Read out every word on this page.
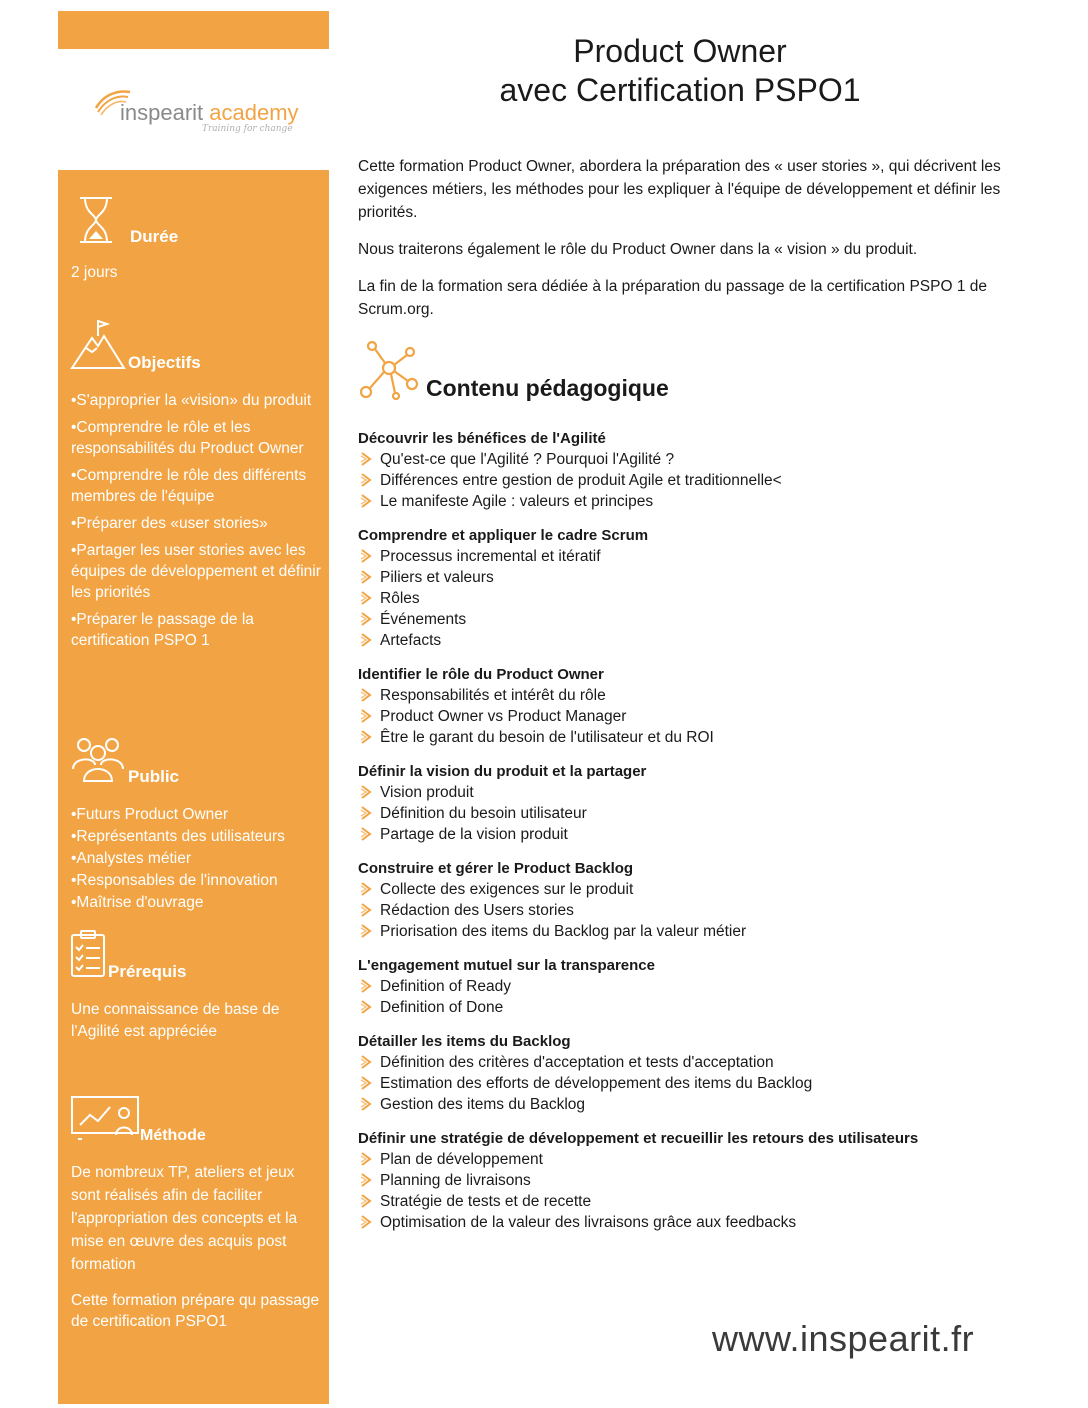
inspearit academy
Training for change
Durée
2 jours
Objectifs
•S'approprier la «vision» du produit
•Comprendre le rôle et les responsabilités du Product Owner
•Comprendre le rôle des différents membres de l'équipe
•Préparer des «user stories»
•Partager les user stories avec les équipes de développement et définir les priorités
•Préparer le passage de la certification PSPO 1
Public
•Futurs Product Owner
•Représentants des utilisateurs
•Analystes métier
•Responsables de l'innovation
•Maîtrise d'ouvrage
Prérequis
Une connaissance de base de l'Agilité est appréciée
Méthode
De nombreux TP, ateliers et jeux sont réalisés afin de faciliter l'appropriation des concepts et la mise en œuvre des acquis post formation
Cette formation prépare qu passage de certification PSPO1
Product Owner
avec Certification PSPO1

Cette formation Product Owner, abordera la préparation des « user stories », qui décrivent les exigences métiers, les méthodes pour les expliquer à l'équipe de développement et définir les priorités.

Nous traiterons également le rôle du Product Owner dans la « vision » du produit.

La fin de la formation sera dédiée à la préparation du passage de la certification PSPO 1 de Scrum.org.

Contenu pédagogique
Découvrir les bénéfices de l'Agilité
Qu'est-ce que l'Agilité ? Pourquoi l'Agilité ?
Différences entre gestion de produit Agile et traditionnelle<
Le manifeste Agile : valeurs et principes
Comprendre et appliquer le cadre Scrum
Processus incremental et itératif
Piliers et valeurs
Rôles
Événements
Artefacts
Identifier le rôle du Product Owner
Responsabilités et intérêt du rôle
Product Owner vs Product Manager
Être le garant du besoin de l'utilisateur et du ROI
Définir la vision du produit et la partager
Vision produit
Définition du besoin utilisateur
Partage de la vision produit
Construire et gérer le Product Backlog
Collecte des exigences sur le produit
Rédaction des Users stories
Priorisation des items du Backlog par la valeur métier
L'engagement mutuel sur la transparence
Definition of Ready
Definition of Done
Détailler les items du Backlog
Définition des critères d'acceptation et tests d'acceptation
Estimation des efforts de développement des items du Backlog
Gestion des items du Backlog
Définir une stratégie de développement et recueillir les retours des utilisateurs
Plan de développement
Planning de livraisons
Stratégie de tests et de recette
Optimisation de la valeur des livraisons grâce aux feedbacks
www.inspearit.fr
